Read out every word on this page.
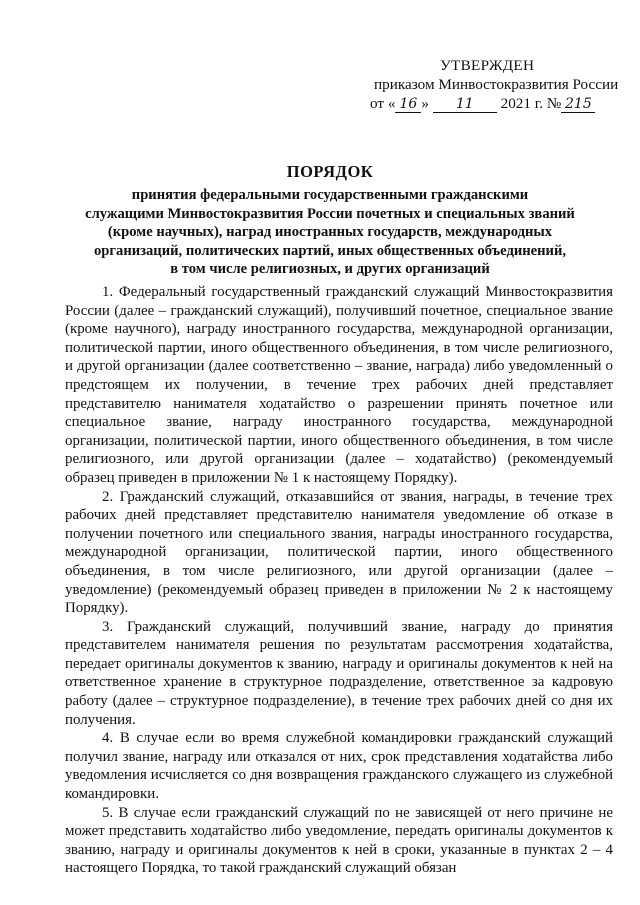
УТВЕРЖДЕН
приказом Минвостокразвития России
от « 16 » 11 2021 г. № 215
ПОРЯДОК
принятия федеральными государственными гражданскими
служащими Минвостокразвития России почетных и специальных званий
(кроме научных), наград иностранных государств, международных
организаций, политических партий, иных общественных объединений,
в том числе религиозных, и других организаций

1. Федеральный государственный гражданский служащий Минвостокразвития России (далее – гражданский служащий), получивший почетное, специальное звание (кроме научного), награду иностранного государства, международной организации, политической партии, иного общественного объединения, в том числе религиозного, и другой организации (далее соответственно – звание, награда) либо уведомленный о предстоящем их получении, в течение трех рабочих дней представляет представителю нанимателя ходатайство о разрешении принять почетное или специальное звание, награду иностранного государства, международной организации, политической партии, иного общественного объединения, в том числе религиозного, или другой организации (далее – ходатайство) (рекомендуемый образец приведен в приложении № 1 к настоящему Порядку).

2. Гражданский служащий, отказавшийся от звания, награды, в течение трех рабочих дней представляет представителю нанимателя уведомление об отказе в получении почетного или специального звания, награды иностранного государства, международной организации, политической партии, иного общественного объединения, в том числе религиозного, или другой организации (далее – уведомление) (рекомендуемый образец приведен в приложении № 2 к настоящему Порядку).

3. Гражданский служащий, получивший звание, награду до принятия представителем нанимателя решения по результатам рассмотрения ходатайства, передает оригиналы документов к званию, награду и оригиналы документов к ней на ответственное хранение в структурное подразделение, ответственное за кадровую работу (далее – структурное подразделение), в течение трех рабочих дней со дня их получения.

4. В случае если во время служебной командировки гражданский служащий получил звание, награду или отказался от них, срок представления ходатайства либо уведомления исчисляется со дня возвращения гражданского служащего из служебной командировки.

5. В случае если гражданский служащий по не зависящей от него причине не может представить ходатайство либо уведомление, передать оригиналы документов к званию, награду и оригиналы документов к ней в сроки, указанные в пунктах 2 – 4 настоящего Порядка, то такой гражданский служащий обязан
